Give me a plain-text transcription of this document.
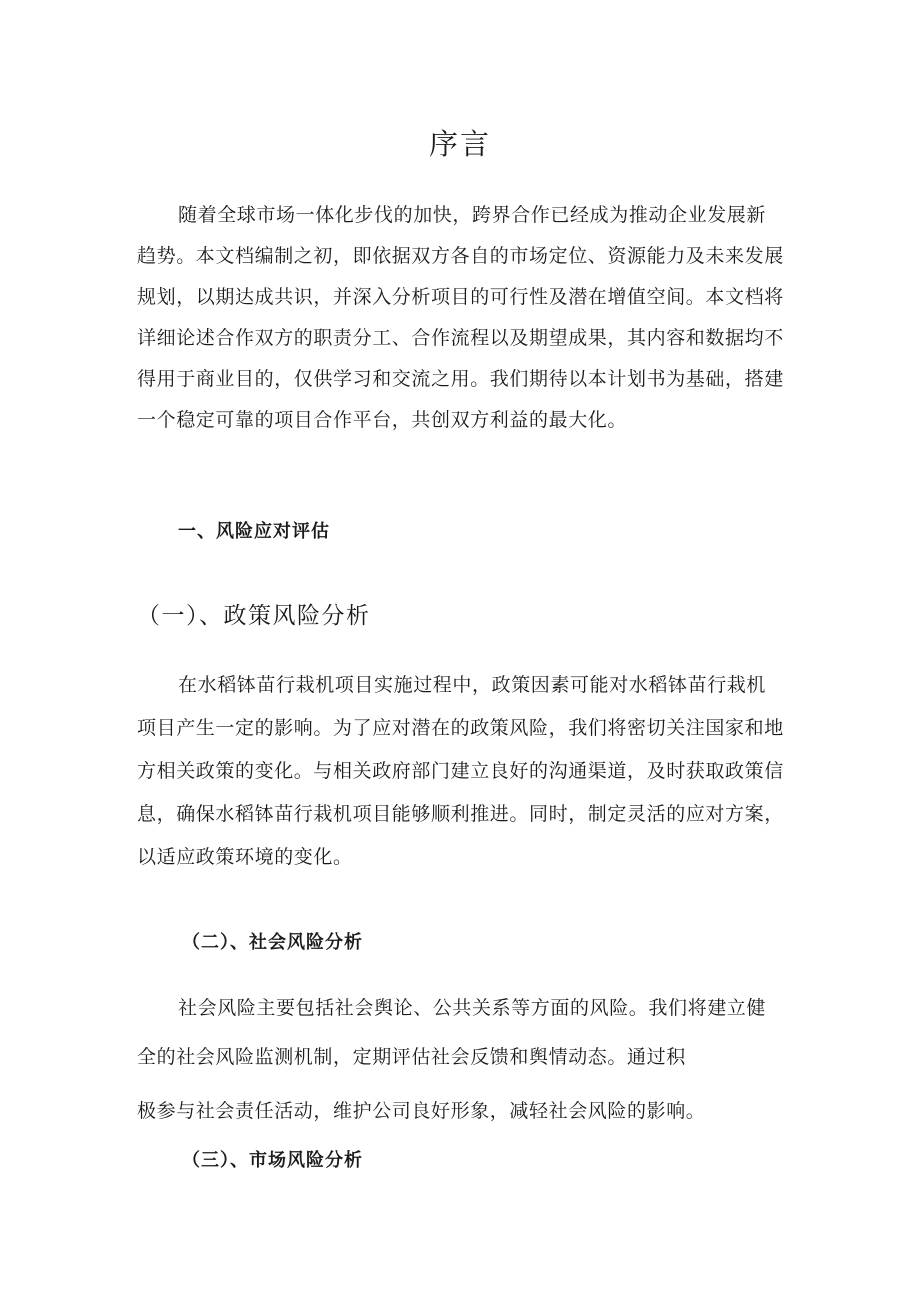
序言
随着全球市场一体化步伐的加快，跨界合作已经成为推动企业发展新
趋势。本文档编制之初，即依据双方各自的市场定位、资源能力及未来发展
规划，以期达成共识，并深入分析项目的可行性及潜在增值空间。本文档将
详细论述合作双方的职责分工、合作流程以及期望成果，其内容和数据均不
得用于商业目的，仅供学习和交流之用。我们期待以本计划书为基础，搭建
一个稳定可靠的项目合作平台，共创双方利益的最大化。
一、风险应对评估
（一）、政策风险分析
在水稻钵苗行栽机项目实施过程中，政策因素可能对水稻钵苗行栽机
项目产生一定的影响。为了应对潜在的政策风险，我们将密切关注国家和地
方相关政策的变化。与相关政府部门建立良好的沟通渠道，及时获取政策信
息，确保水稻钵苗行栽机项目能够顺利推进。同时，制定灵活的应对方案，
以适应政策环境的变化。
（二）、社会风险分析

社会风险主要包括社会舆论、公共关系等方面的风险。我们将建立健

全的社会风险监测机制，定期评估社会反馈和舆情动态。通过积

极参与社会责任活动，维护公司良好形象，减轻社会风险的影响。

（三）、市场风险分析
